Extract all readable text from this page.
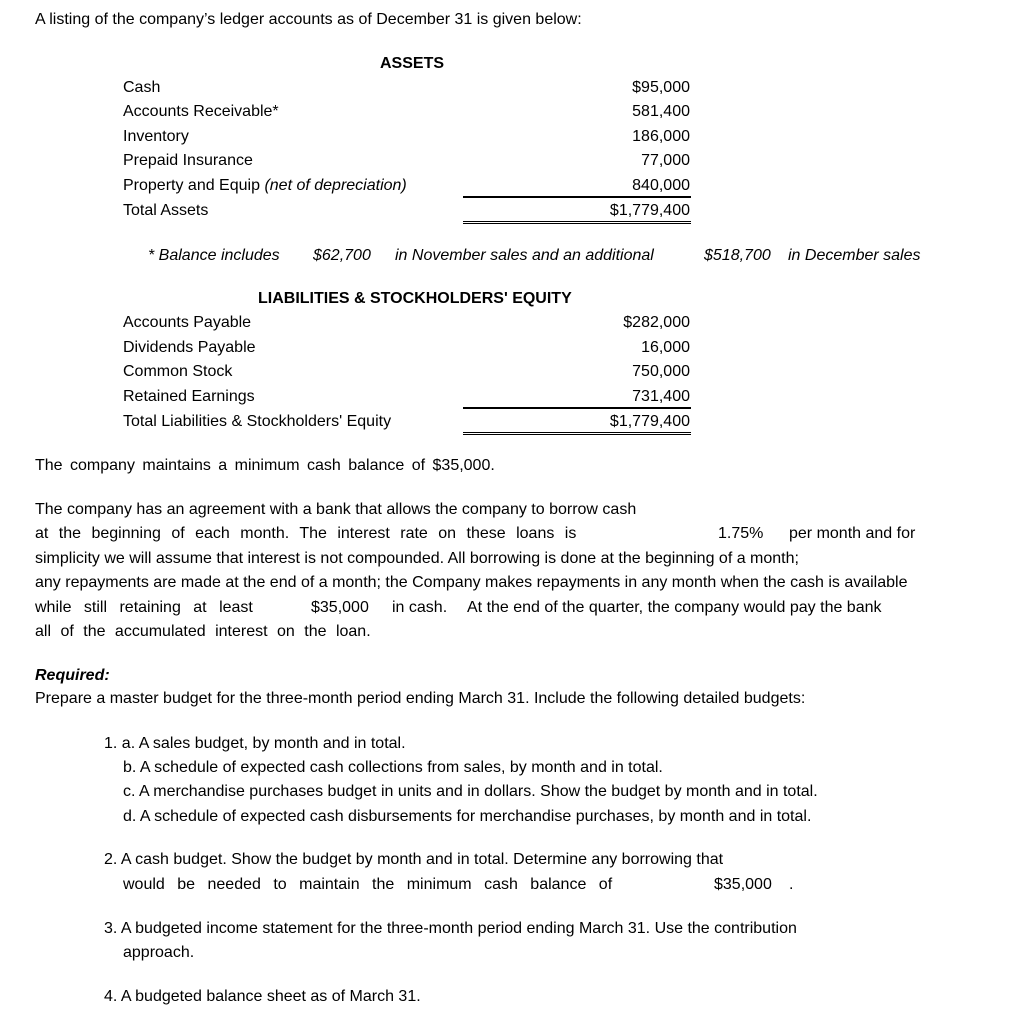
A listing of the company’s ledger accounts as of December 31 is given below:
ASSETS
Cash	$95,000
Accounts Receivable*	581,400
Inventory	186,000
Prepaid Insurance	77,000
Property and Equip (net of depreciation)	840,000
Total Assets	$1,779,400
* Balance includes $62,700 in November sales and an additional	$518,700 in December sales
LIABILITIES & STOCKHOLDERS' EQUITY
Accounts Payable	$282,000
Dividends Payable	16,000
Common Stock	750,000
Retained Earnings	731,400
Total Liabilities & Stockholders' Equity	$1,779,400
The company maintains a minimum cash balance of $35,000.
The company has an agreement with a bank that allows the company to borrow cash
at the beginning of each month. The interest rate on these loans is	1.75% per month and for
simplicity we will assume that interest is not compounded. All borrowing is done at the beginning of a month;
any repayments are made at the end of a month; the Company makes repayments in any month when the cash is available
while still retaining at least	$35,000 in cash. At the end of the quarter, the company would pay the bank
all of the accumulated interest on the loan.
Required:
Prepare a master budget for the three-month period ending March 31. Include the following detailed budgets:
1. a. A sales budget, by month and in total.
b. A schedule of expected cash collections from sales, by month and in total.
c. A merchandise purchases budget in units and in dollars. Show the budget by month and in total.
d. A schedule of expected cash disbursements for merchandise purchases, by month and in total.
2. A cash budget. Show the budget by month and in total. Determine any borrowing that
would be needed to maintain the minimum cash balance of	$35,000 .
3. A budgeted income statement for the three-month period ending March 31. Use the contribution
approach.
4. A budgeted balance sheet as of March 31.
